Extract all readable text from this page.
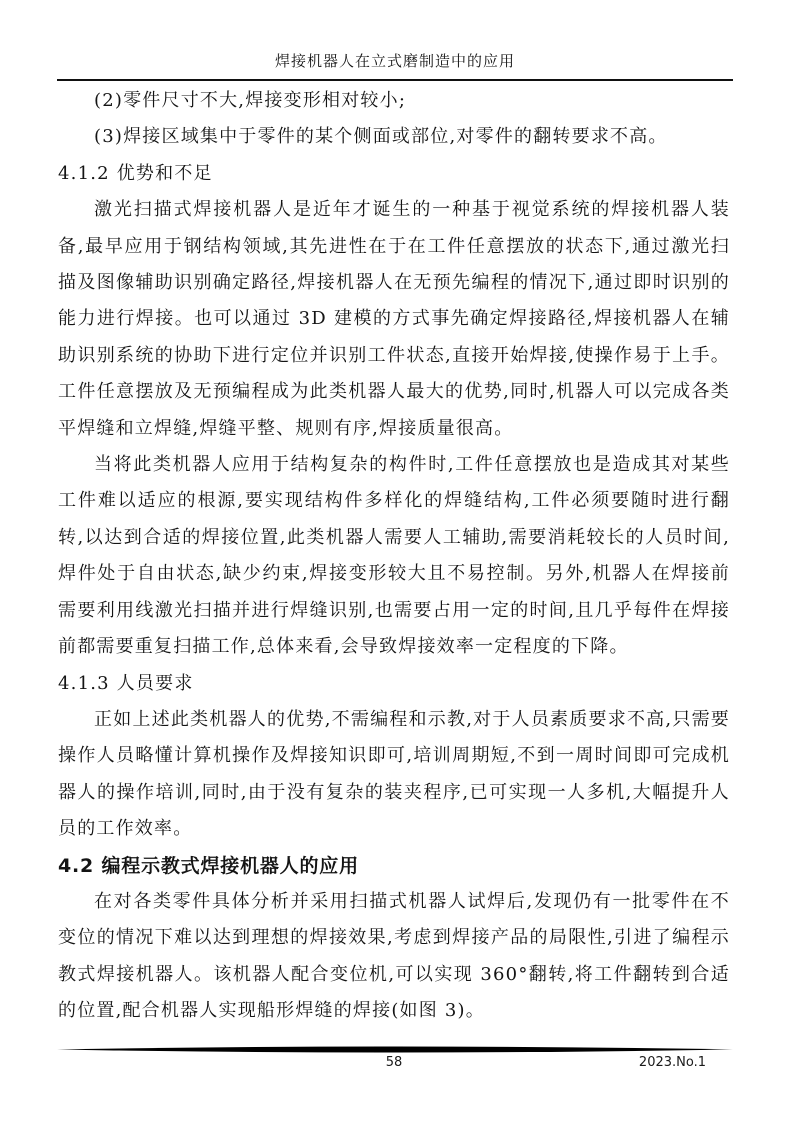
焊接机器人在立式磨制造中的应用

(2)零件尺寸不大,焊接变形相对较小;

(3)焊接区域集中于零件的某个侧面或部位,对零件的翻转要求不高。

4.1.2 优势和不足

激光扫描式焊接机器人是近年才诞生的一种基于视觉系统的焊接机器人装备,最早应用于钢结构领域,其先进性在于在工件任意摆放的状态下,通过激光扫描及图像辅助识别确定路径,焊接机器人在无预先编程的情况下,通过即时识别的能力进行焊接。也可以通过 3D 建模的方式事先确定焊接路径,焊接机器人在辅助识别系统的协助下进行定位并识别工件状态,直接开始焊接,使操作易于上手。工件任意摆放及无预编程成为此类机器人最大的优势,同时,机器人可以完成各类平焊缝和立焊缝,焊缝平整、规则有序,焊接质量很高。

当将此类机器人应用于结构复杂的构件时,工件任意摆放也是造成其对某些工件难以适应的根源,要实现结构件多样化的焊缝结构,工件必须要随时进行翻转,以达到合适的焊接位置,此类机器人需要人工辅助,需要消耗较长的人员时间,焊件处于自由状态,缺少约束,焊接变形较大且不易控制。另外,机器人在焊接前需要利用线激光扫描并进行焊缝识别,也需要占用一定的时间,且几乎每件在焊接前都需要重复扫描工作,总体来看,会导致焊接效率一定程度的下降。

4.1.3 人员要求

正如上述此类机器人的优势,不需编程和示教,对于人员素质要求不高,只需要操作人员略懂计算机操作及焊接知识即可,培训周期短,不到一周时间即可完成机器人的操作培训,同时,由于没有复杂的装夹程序,已可实现一人多机,大幅提升人员的工作效率。

4.2 编程示教式焊接机器人的应用

在对各类零件具体分析并采用扫描式机器人试焊后,发现仍有一批零件在不变位的情况下难以达到理想的焊接效果,考虑到焊接产品的局限性,引进了编程示教式焊接机器人。该机器人配合变位机,可以实现 360°翻转,将工件翻转到合适的位置,配合机器人实现船形焊缝的焊接(如图 3)。

58	2023.No.1
